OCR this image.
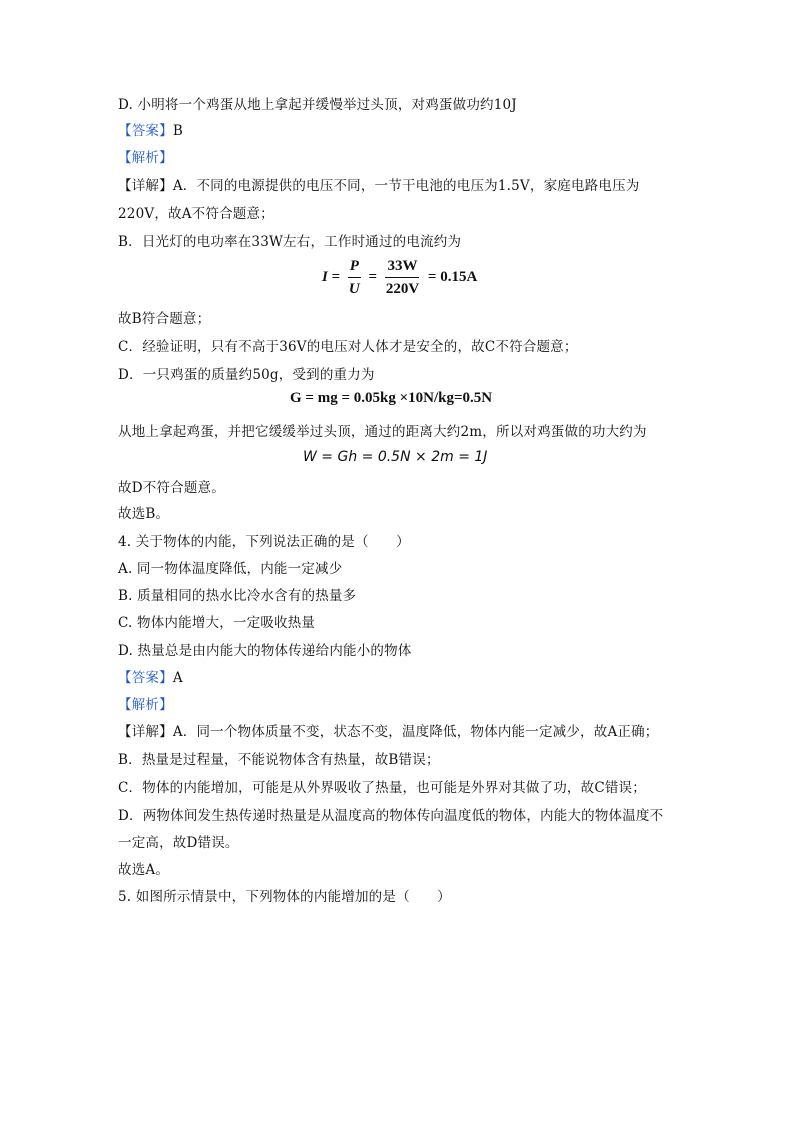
D. 小明将一个鸡蛋从地上拿起并缓慢举过头顶，对鸡蛋做功约10J
【答案】B
【解析】
【详解】A．不同的电源提供的电压不同，一节干电池的电压为1.5V，家庭电路电压为
220V，故A不符合题意；
B．日光灯的电功率在33W左右，工作时通过的电流约为
$I = \frac{P}{U} = \frac{33W}{220V} = 0.15A$
故B符合题意；
C．经验证明，只有不高于36V的电压对人体才是安全的，故C不符合题意；
D．一只鸡蛋的质量约50g，受到的重力为
G = mg = 0.05kg ×10N/kg=0.5N
从地上拿起鸡蛋，并把它缓缓举过头顶，通过的距离大约2m，所以对鸡蛋做的功大约为
W = Gh = 0.5N × 2m = 1J
故D不符合题意。
故选B。
4. 关于物体的内能，下列说法正确的是（　　）
A. 同一物体温度降低，内能一定减少
B. 质量相同的热水比冷水含有的热量多
C. 物体内能增大，一定吸收热量
D. 热量总是由内能大的物体传递给内能小的物体
【答案】A
【解析】
【详解】A．同一个物体质量不变，状态不变，温度降低，物体内能一定减少，故A正确；
B．热量是过程量，不能说物体含有热量，故B错误；
C．物体的内能增加，可能是从外界吸收了热量，也可能是外界对其做了功，故C错误；
D．两物体间发生热传递时热量是从温度高的物体传向温度低的物体，内能大的物体温度不
一定高，故D错误。
故选A。
5. 如图所示情景中，下列物体的内能增加的是（　　）
